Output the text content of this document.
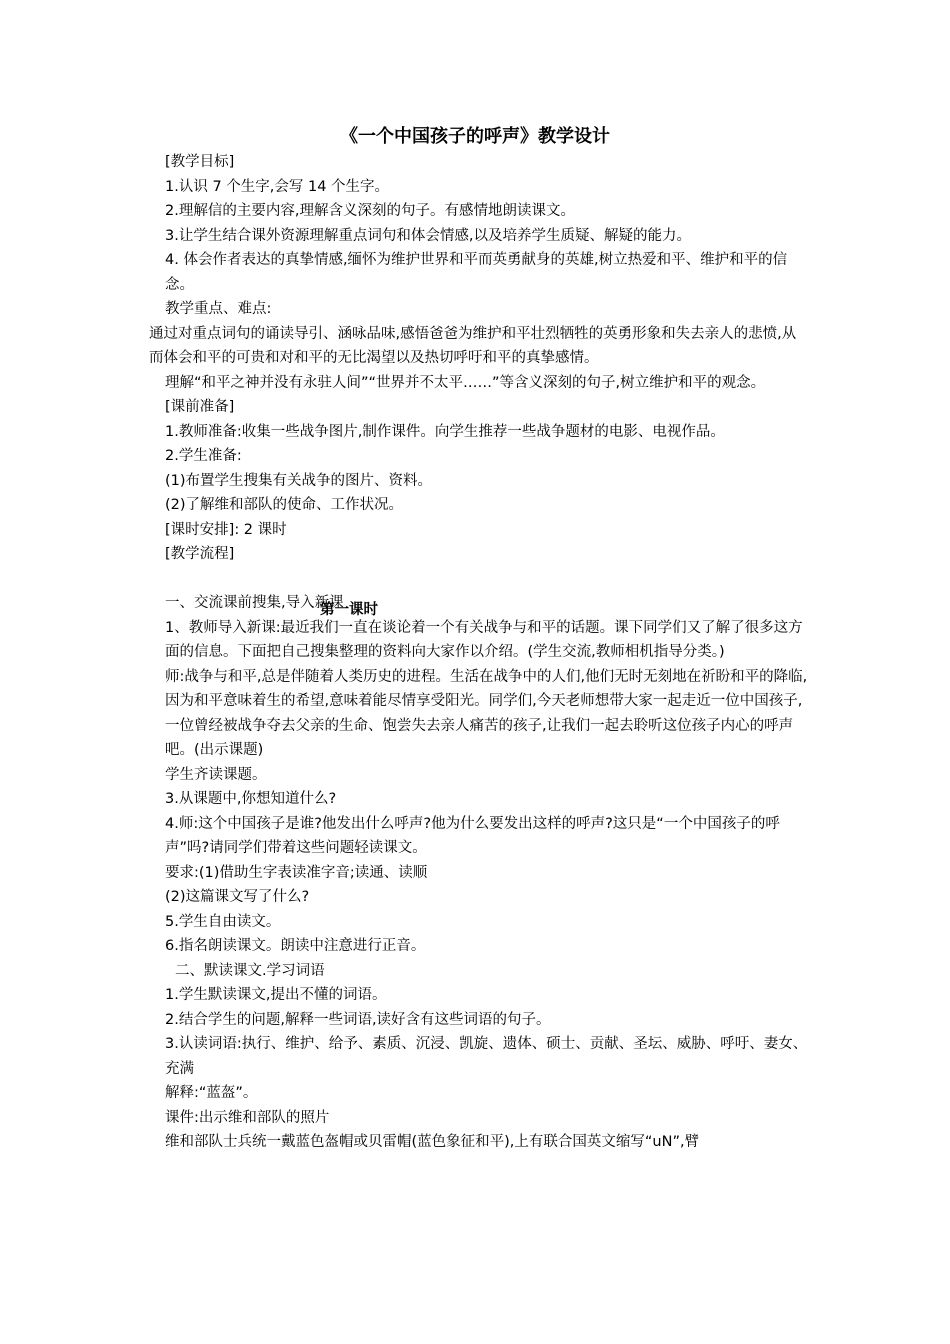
《一个中国孩子的呼声》教学设计

[教学目标]

1.认识 7 个生字,会写 14 个生字。

2.理解信的主要内容,理解含义深刻的句子。有感情地朗读课文。

3.让学生结合课外资源理解重点词句和体会情感,以及培养学生质疑、解疑的能力。

4. 体会作者表达的真挚情感,缅怀为维护世界和平而英勇献身的英雄,树立热爱和平、维护和平的信念。

教学重点、难点:

通过对重点词句的诵读导引、涵咏品味,感悟爸爸为维护和平壮烈牺牲的英勇形象和失去亲人的悲愤,从而体会和平的可贵和对和平的无比渴望以及热切呼吁和平的真挚感情。

理解“和平之神并没有永驻人间”“世界并不太平……”等含义深刻的句子,树立维护和平的观念。

[课前准备]

1.教师准备:收集一些战争图片,制作课件。向学生推荐一些战争题材的电影、电视作品。

2.学生准备:

(1)布置学生搜集有关战争的图片、资料。

(2)了解维和部队的使命、工作状况。

[课时安排]: 2 课时

[教学流程]

一、交流课前搜集,导入新课

1、教师导入新课:最近我们一直在谈论着一个有关战争与和平的话题。课下同学们又了解了很多这方面的信息。下面把自己搜集整理的资料向大家作以介绍。(学生交流,教师相机指导分类。)

师:战争与和平,总是伴随着人类历史的进程。生活在战争中的人们,他们无时无刻地在祈盼和平的降临,因为和平意味着生的希望,意味着能尽情享受阳光。同学们,今天老师想带大家一起走近一位中国孩子,一位曾经被战争夺去父亲的生命、饱尝失去亲人痛苦的孩子,让我们一起去聆听这位孩子内心的呼声吧。(出示课题)

学生齐读课题。

3.从课题中,你想知道什么?

4.师:这个中国孩子是谁?他发出什么呼声?他为什么要发出这样的呼声?这只是“一个中国孩子的呼声”吗?请同学们带着这些问题轻读课文。

要求:(1)借助生字表读准字音;读通、读顺

(2)这篇课文写了什么?

5.学生自由读文。

6.指名朗读课文。朗读中注意进行正音。

二、默读课文.学习词语

1.学生默读课文,提出不懂的词语。

2.结合学生的问题,解释一些词语,读好含有这些词语的句子。

3.认读词语:执行、维护、给予、素质、沉浸、凯旋、遗体、硕士、贡献、圣坛、威胁、呼吁、妻女、充满

解释:“蓝盔”。

课件:出示维和部队的照片

维和部队士兵统一戴蓝色盔帽或贝雷帽(蓝色象征和平),上有联合国英文缩写“uN”,臂

第一课时
